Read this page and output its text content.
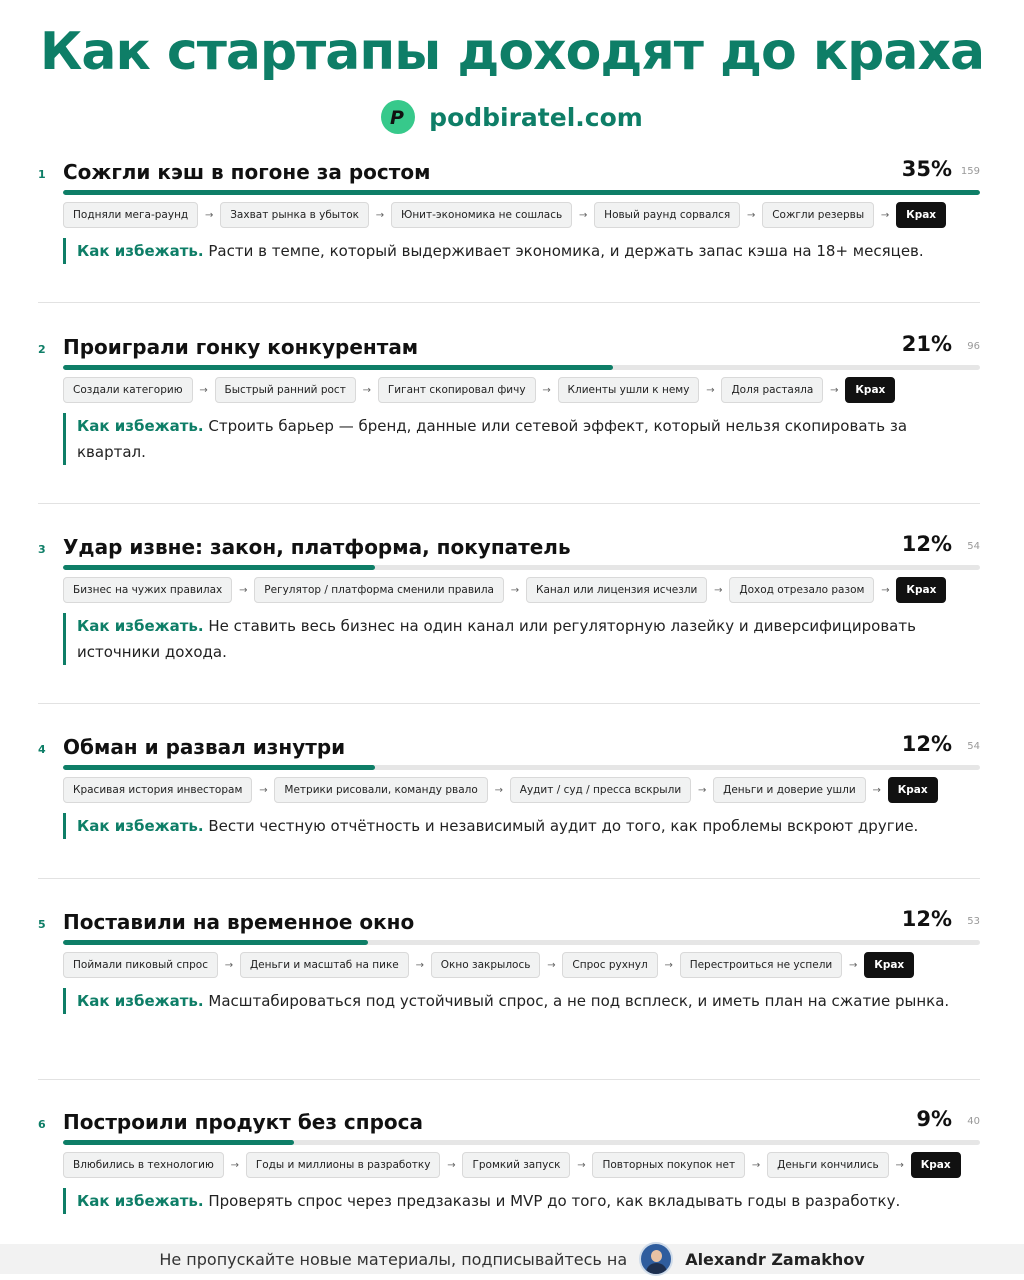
Как стартапы доходят до краха
P podbiratel.com
1 Сожгли кэш в погоне за ростом	35% 159
Подняли мега-раунд	→	Захват рынка в убыток	→	Юнит-экономика не сошлась	→	Новый раунд сорвался	→	Сожгли резервы	→	Крах
Как избежать. Расти в темпе, который выдерживает экономика, и держать запас кэша на 18+ месяцев.
2 Проиграли гонку конкурентам	21% 96
Создали категорию	→	Быстрый ранний рост	→	Гигант скопировал фичу	→	Клиенты ушли к нему	→	Доля растаяла	→	Крах
Как избежать. Строить барьер — бренд, данные или сетевой эффект, который нельзя скопировать за квартал.
3 Удар извне: закон, платформа, покупатель	12% 54
Бизнес на чужих правилах	→	Регулятор / платформа сменили правила	→	Канал или лицензия исчезли	→	Доход отрезало разом	→	Крах
Как избежать. Не ставить весь бизнес на один канал или регуляторную лазейку и диверсифицировать источники дохода.
4 Обман и развал изнутри	12% 54
Красивая история инвесторам	→	Метрики рисовали, команду рвало	→	Аудит / суд / пресса вскрыли	→	Деньги и доверие ушли	→	Крах
Как избежать. Вести честную отчётность и независимый аудит до того, как проблемы вскроют другие.
5 Поставили на временное окно	12% 53
Поймали пиковый спрос	→	Деньги и масштаб на пике	→	Окно закрылось	→	Спрос рухнул	→	Перестроиться не успели	→	Крах
Как избежать. Масштабироваться под устойчивый спрос, а не под всплеск, и иметь план на сжатие рынка.
6 Построили продукт без спроса	9% 40
Влюбились в технологию	→	Годы и миллионы в разработку	→	Громкий запуск	→	Повторных покупок нет	→	Деньги кончились	→	Крах
Как избежать. Проверять спрос через предзаказы и MVP до того, как вкладывать годы в разработку.
Не пропускайте новые материалы, подписывайтесь на	Alexandr Zamakhov
